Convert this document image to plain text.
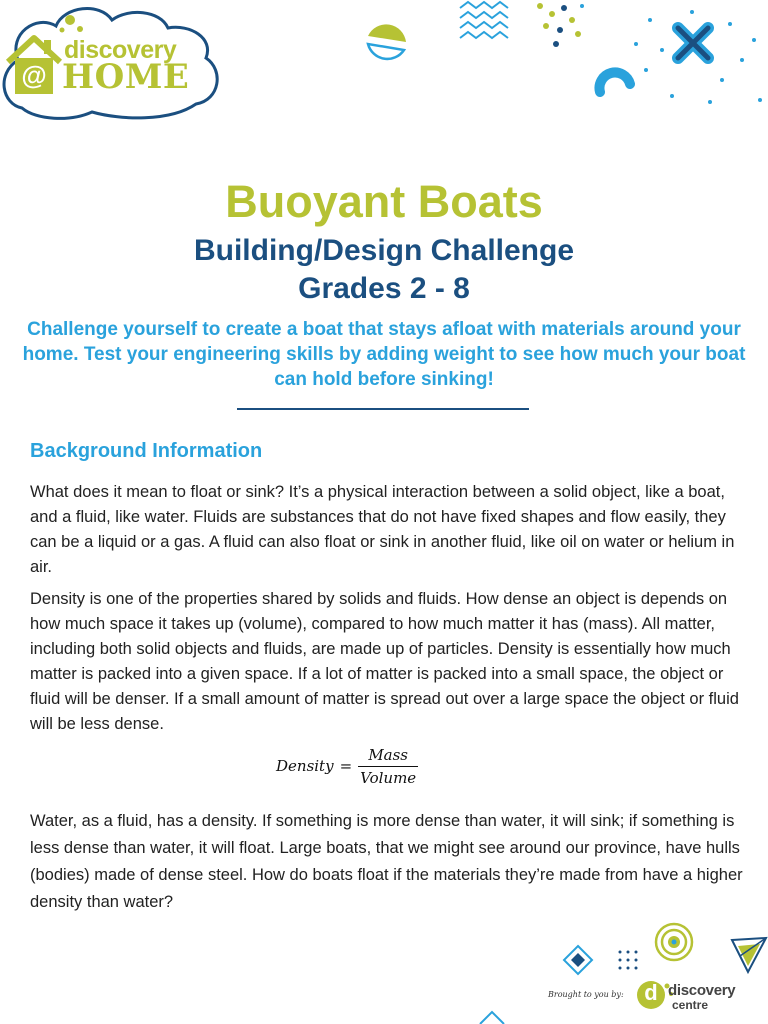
@
discovery
HOME
Buoyant Boats
Building/Design Challenge
Grades 2 - 8
Challenge yourself to create a boat that stays afloat with materials around your home. Test your engineering skills by adding weight to see how much your boat can hold before sinking!
Background Information

What does it mean to float or sink? It’s a physical interaction between a solid object, like a boat, and a fluid, like water. Fluids are substances that do not have fixed shapes and flow easily, they can be a liquid or a gas. A fluid can also float or sink in another fluid, like oil on water or helium in air.

Density is one of the properties shared by solids and fluids. How dense an object is depends on how much space it takes up (volume), compared to how much matter it has (mass). All matter, including both solid objects and fluids, are made up of particles. Density is essentially how much matter is packed into a given space. If a lot of matter is packed into a small space, the object or fluid will be denser. If a small amount of matter is spread out over a large space the object or fluid will be less dense.

Density = $\frac{\text{Mass}}{\text{Volume}}$

Water, as a fluid, has a density. If something is more dense than water, it will sink; if something is less dense than water, it will float. Large boats, that we might see around our province, have hulls (bodies) made of dense steel. How do boats float if the materials they’re made from have a higher density than water?

Brought to you by: d discovery
centre
